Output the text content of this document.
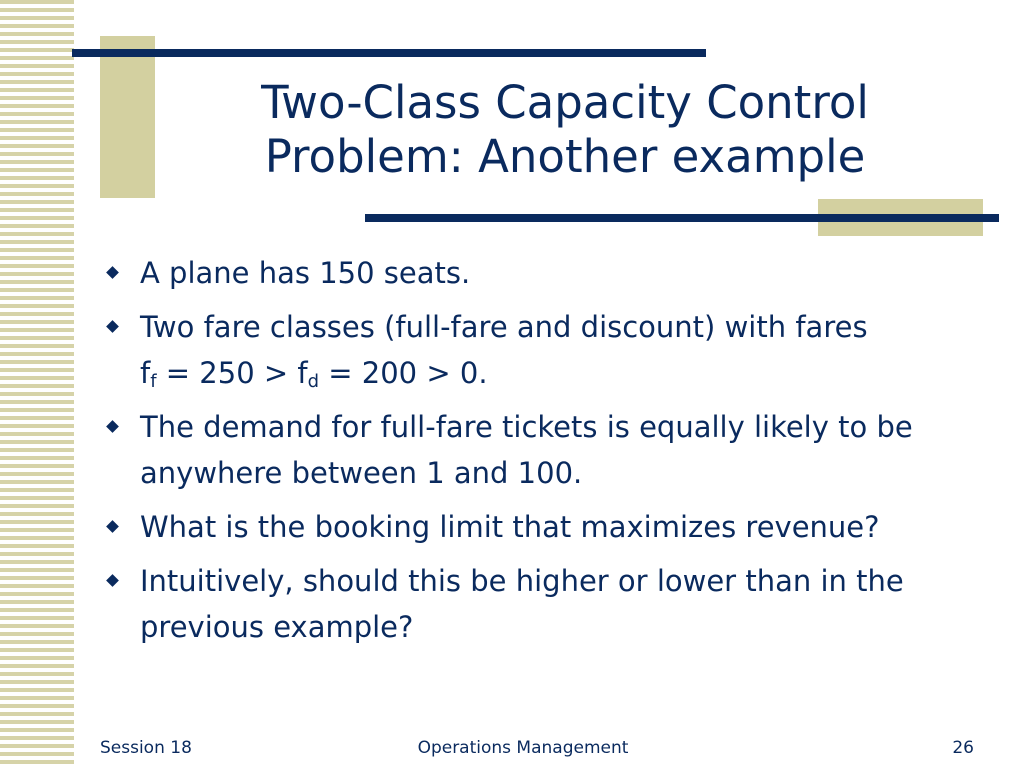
Two-Class Capacity Control
Problem: Another example
A plane has 150 seats.
Two fare classes (full-fare and discount) with fares
$f_f = 250 > f_d = 200 > 0$.
The demand for full-fare tickets is equally likely to be anywhere between 1 and 100.
What is the booking limit that maximizes revenue?
Intuitively, should this be higher or lower than in the previous example?
Session 18	Operations Management	26
